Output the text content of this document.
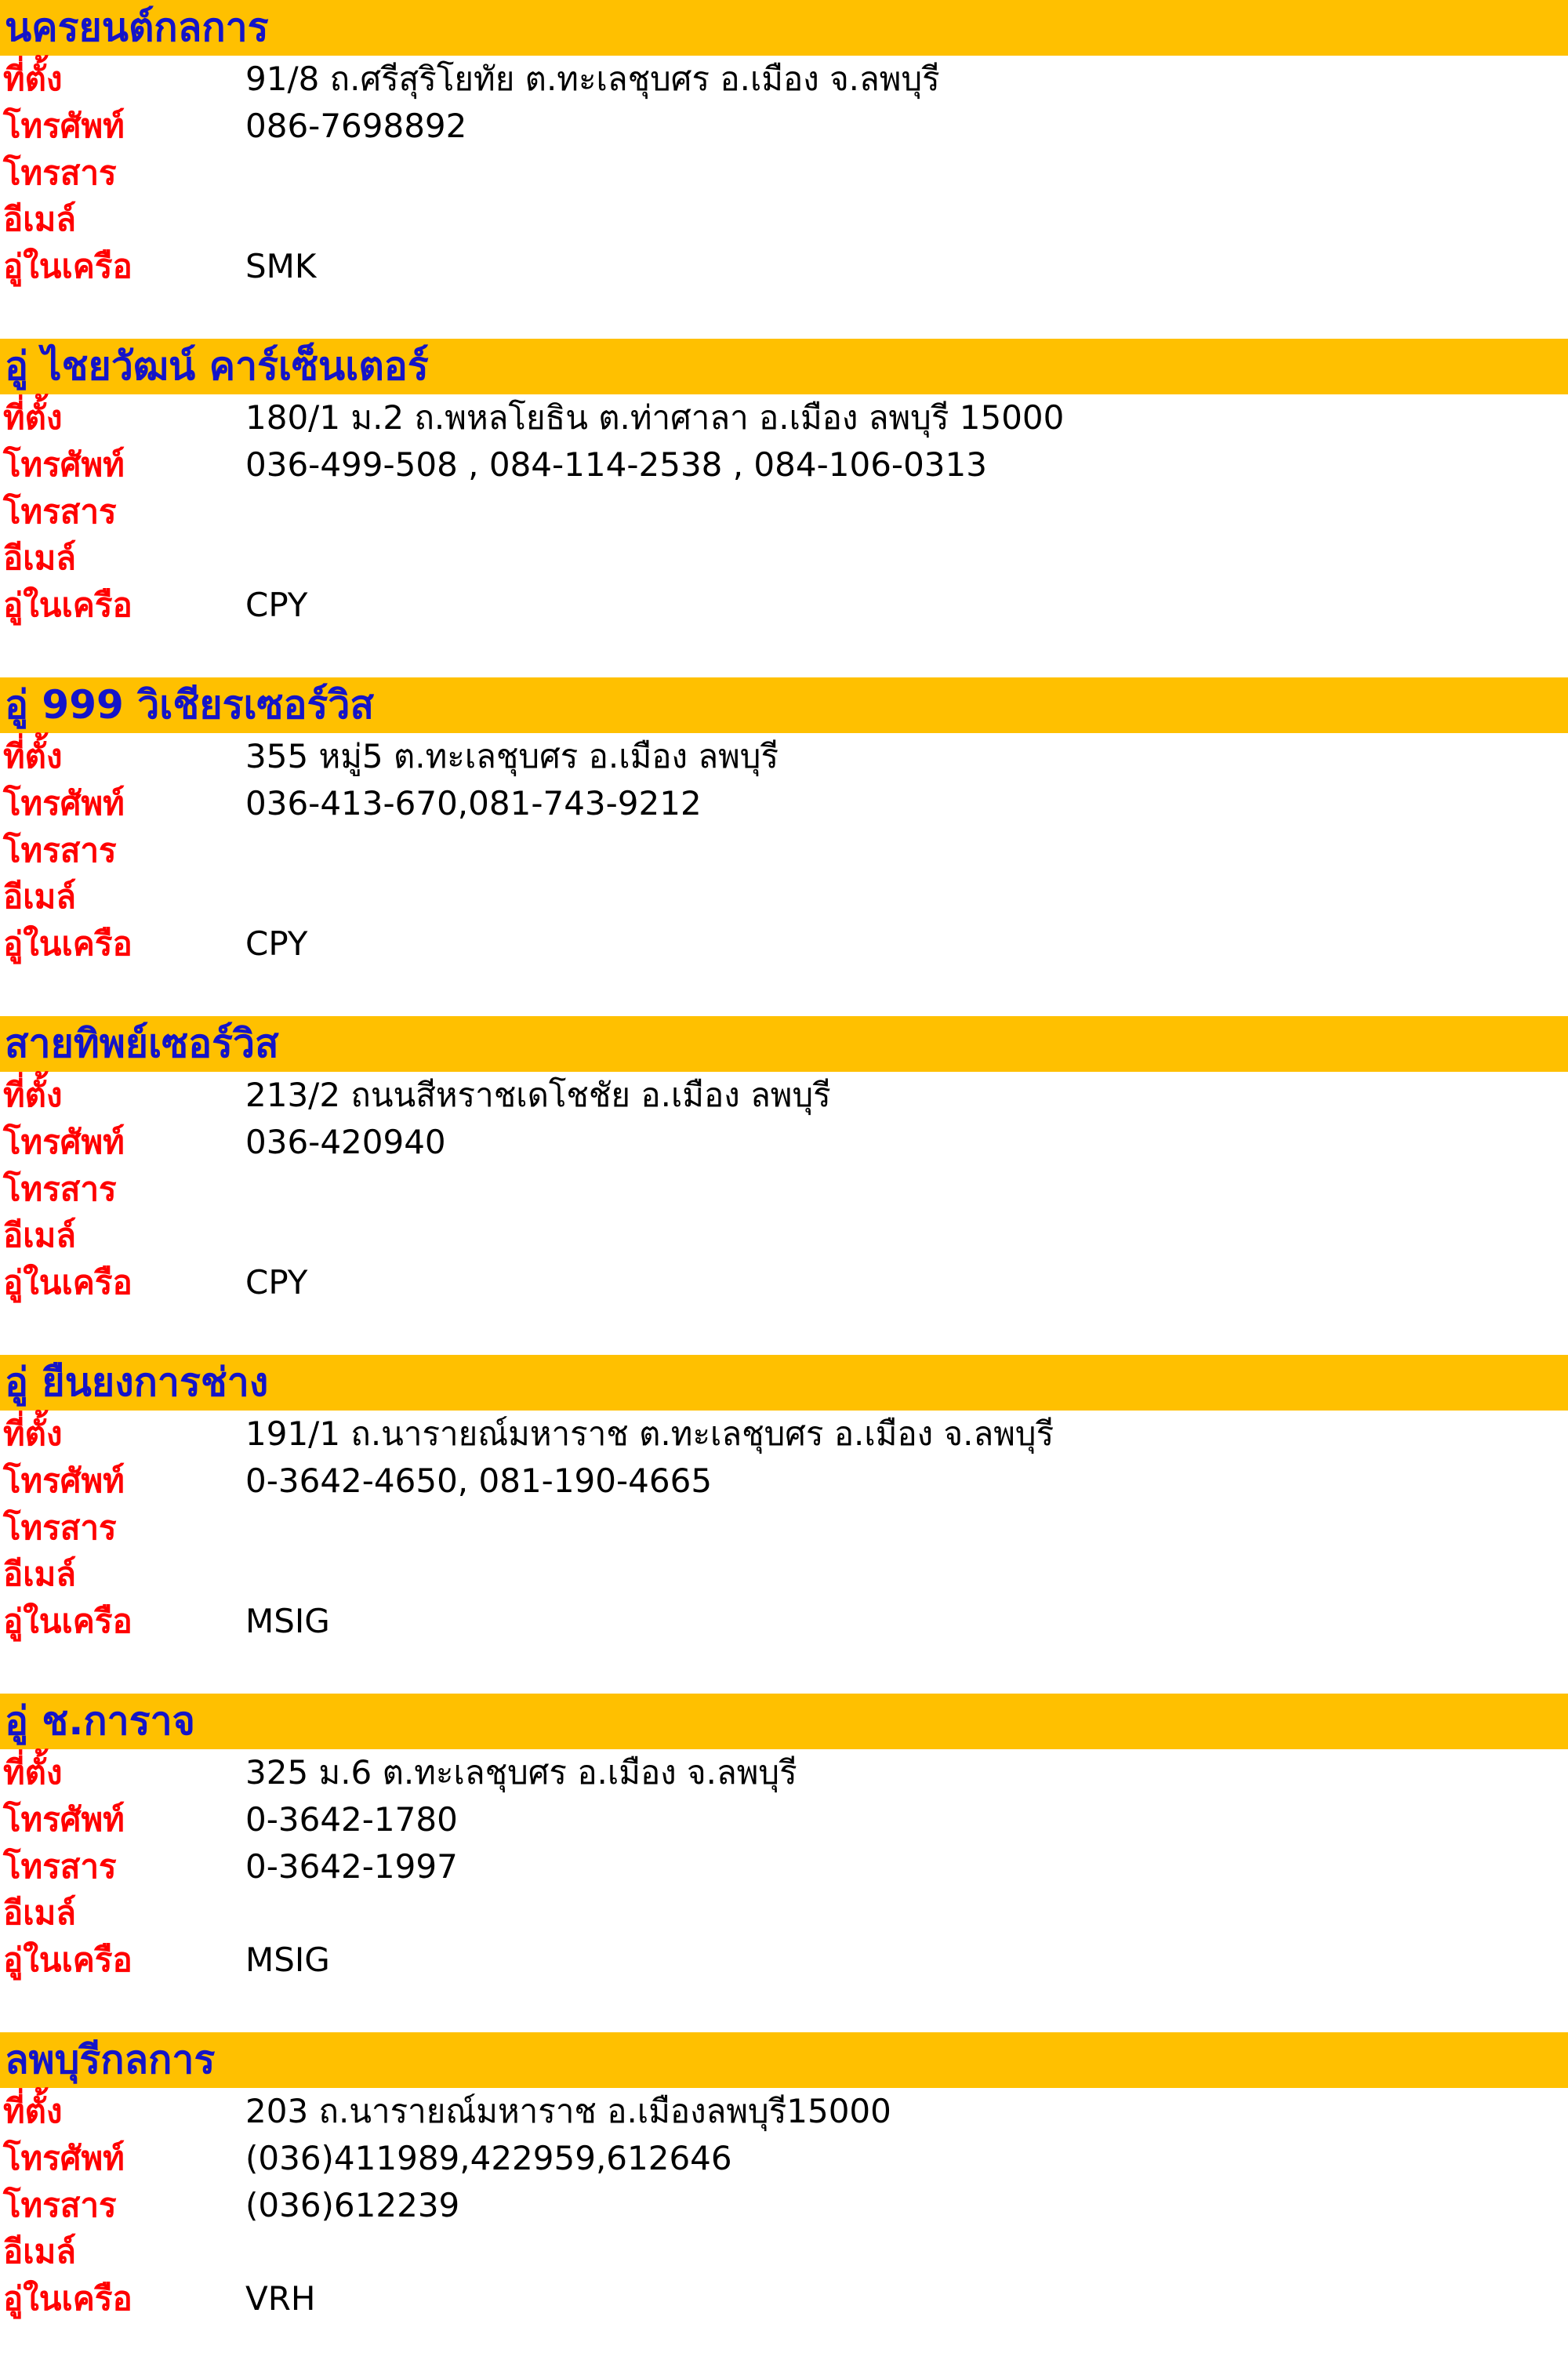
นครยนต์กลการ
ที่ตั้ง	91/8 ถ.ศรีสุริโยทัย ต.ทะเลชุบศร อ.เมือง จ.ลพบุรี
โทรศัพท์	086-7698892
โทรสาร
อีเมล์
อู่ในเครือ	SMK
อู่ ไชยวัฒน์ คาร์เซ็นเตอร์
ที่ตั้ง	180/1 ม.2 ถ.พหลโยธิน ต.ท่าศาลา อ.เมือง ลพบุรี 15000
โทรศัพท์	036-499-508 , 084-114-2538 , 084-106-0313
โทรสาร
อีเมล์
อู่ในเครือ	CPY
อู่ 999 วิเชียรเซอร์วิส
ที่ตั้ง	355 หมู่5 ต.ทะเลชุบศร อ.เมือง ลพบุรี
โทรศัพท์	036-413-670,081-743-9212
โทรสาร
อีเมล์
อู่ในเครือ	CPY
สายทิพย์เซอร์วิส
ที่ตั้ง	213/2 ถนนสีหราชเดโชชัย อ.เมือง ลพบุรี
โทรศัพท์	036-420940
โทรสาร
อีเมล์
อู่ในเครือ	CPY
อู่ ยืนยงการช่าง
ที่ตั้ง	191/1 ถ.นารายณ์มหาราช ต.ทะเลชุบศร อ.เมือง จ.ลพบุรี
โทรศัพท์	0-3642-4650, 081-190-4665
โทรสาร
อีเมล์
อู่ในเครือ	MSIG
อู่ ช.การาจ
ที่ตั้ง	325 ม.6 ต.ทะเลชุบศร อ.เมือง จ.ลพบุรี
โทรศัพท์	0-3642-1780
โทรสาร	0-3642-1997
อีเมล์
อู่ในเครือ	MSIG
ลพบุรีกลการ
ที่ตั้ง	203 ถ.นารายณ์มหาราช อ.เมืองลพบุรี15000
โทรศัพท์	(036)411989,422959,612646
โทรสาร	(036)612239
อีเมล์
อู่ในเครือ	VRH
